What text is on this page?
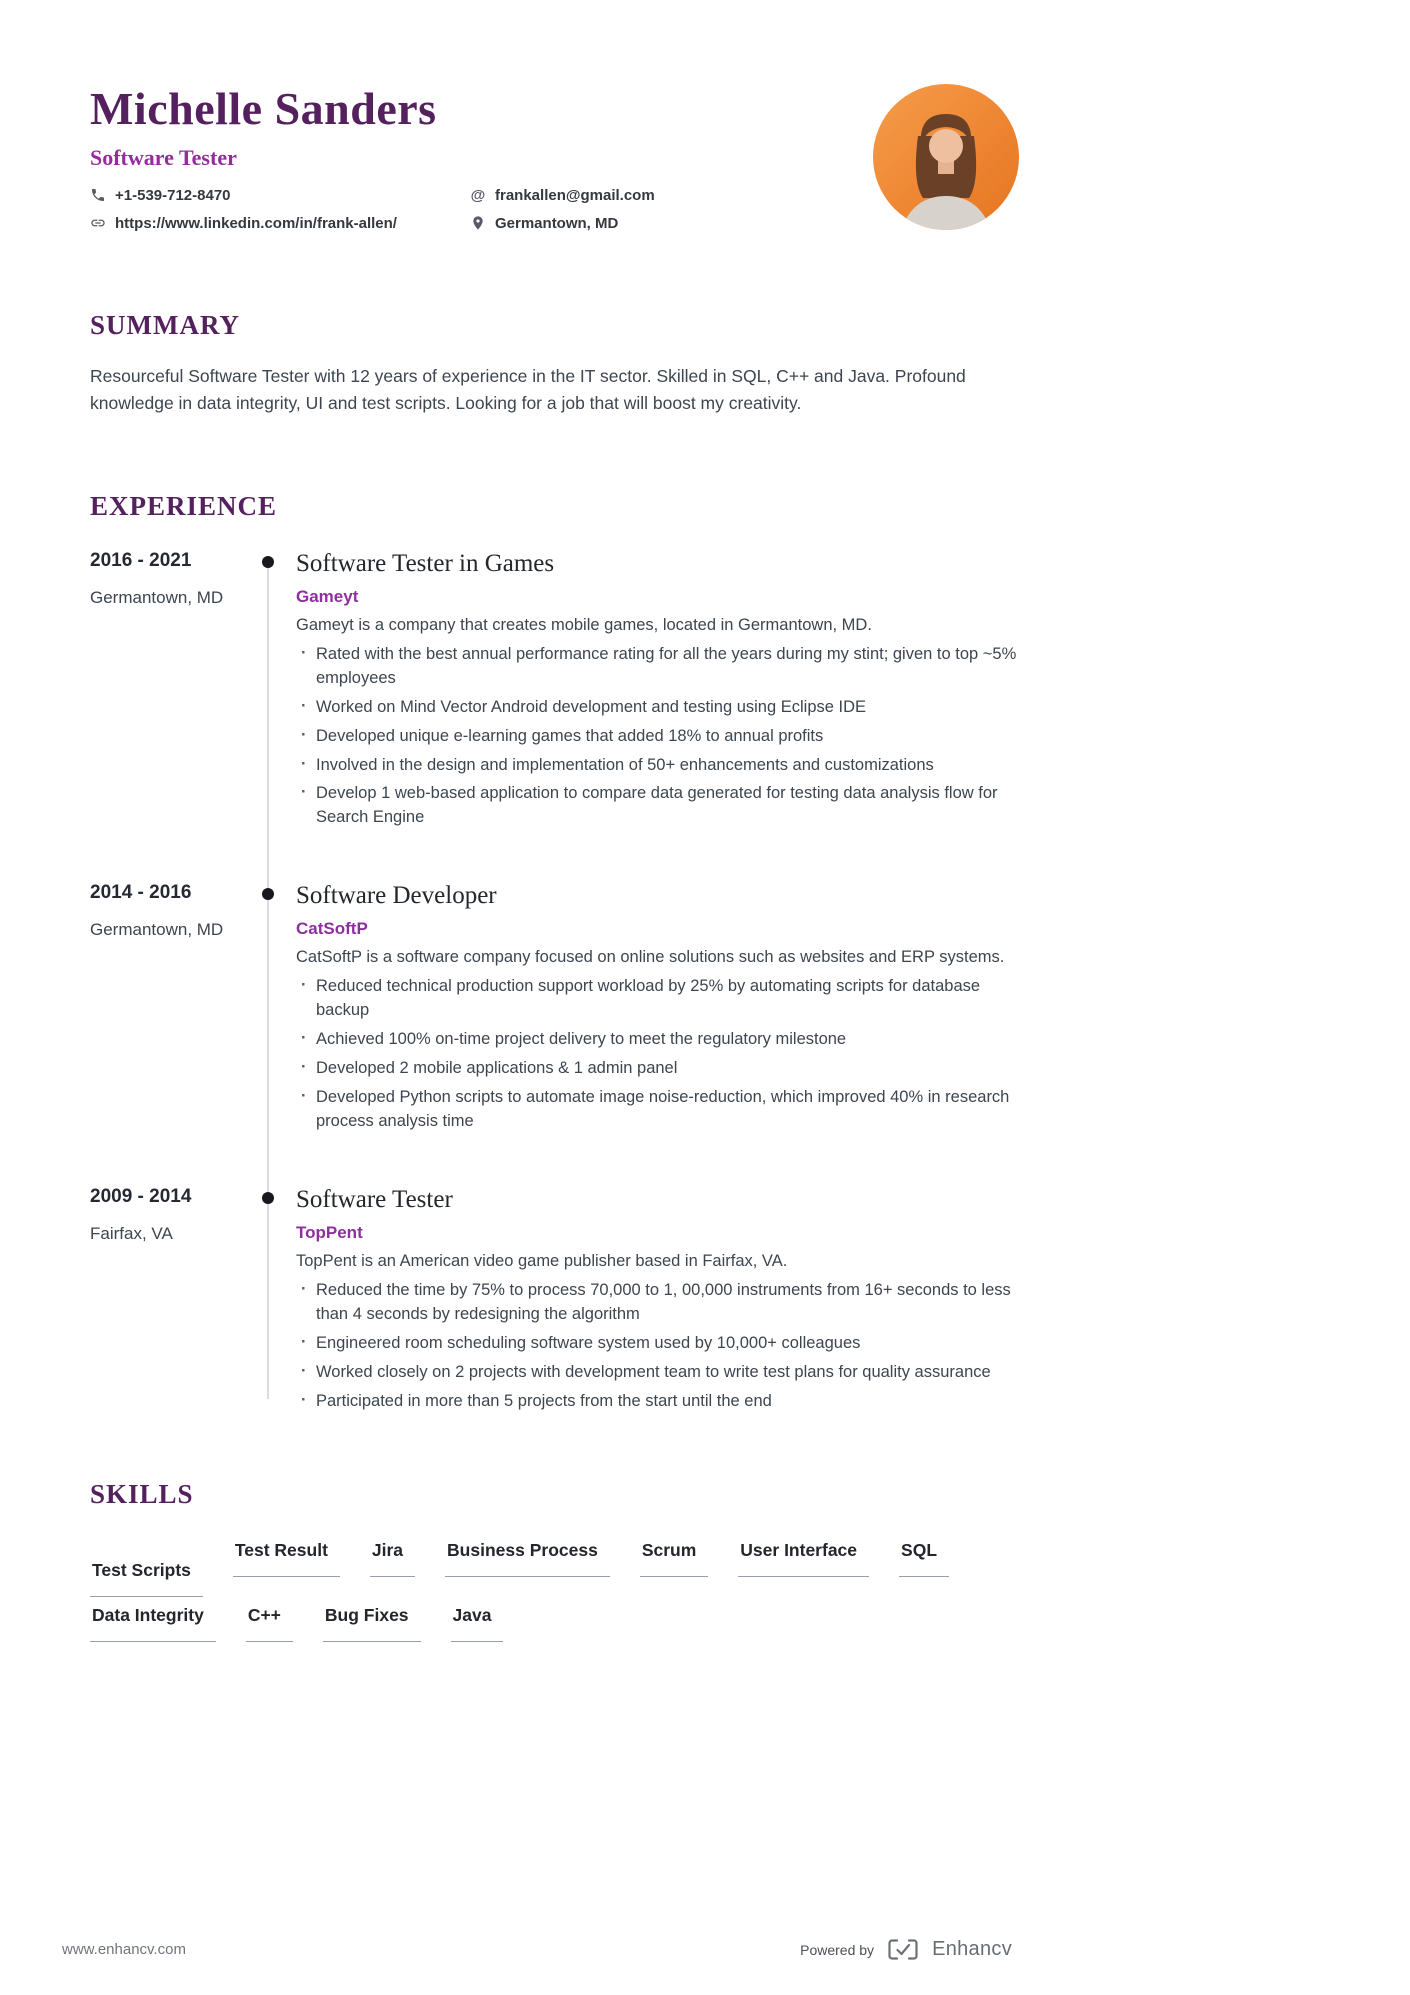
Michelle Sanders
Software Tester
+1-539-712-8470	@ frankallen@gmail.com
https://www.linkedin.com/in/frank-allen/	Germantown, MD
SUMMARY

Resourceful Software Tester with 12 years of experience in the IT sector. Skilled in SQL, C++ and Java. Profound knowledge in data integrity, UI and test scripts. Looking for a job that will boost my creativity.

EXPERIENCE
2016 - 2021
Germantown, MD
Software Tester in Games
Gameyt
Gameyt is a company that creates mobile games, located in Germantown, MD.
· Rated with the best annual performance rating for all the years during my stint; given to top ~5% employees
· Worked on Mind Vector Android development and testing using Eclipse IDE
· Developed unique e-learning games that added 18% to annual profits
· Involved in the design and implementation of 50+ enhancements and customizations
· Develop 1 web-based application to compare data generated for testing data analysis flow for Search Engine
2014 - 2016
Germantown, MD
Software Developer
CatSoftP
CatSoftP is a software company focused on online solutions such as websites and ERP systems.
· Reduced technical production support workload by 25% by automating scripts for database backup
· Achieved 100% on-time project delivery to meet the regulatory milestone
· Developed 2 mobile applications & 1 admin panel
· Developed Python scripts to automate image noise-reduction, which improved 40% in research process analysis time
2009 - 2014
Fairfax, VA
Software Tester
TopPent
TopPent is an American video game publisher based in Fairfax, VA.
· Reduced the time by 75% to process 70,000 to 1, 00,000 instruments from 16+ seconds to less than 4 seconds by redesigning the algorithm
· Engineered room scheduling software system used by 10,000+ colleagues
· Worked closely on 2 projects with development team to write test plans for quality assurance
· Participated in more than 5 projects from the start until the end
SKILLS
Test Scripts
Test Result	Jira	Business Process	Scrum	User Interface	SQL
Data Integrity	C++	Bug Fixes	Java
www.enhancv.com	Powered by	Enhancv
